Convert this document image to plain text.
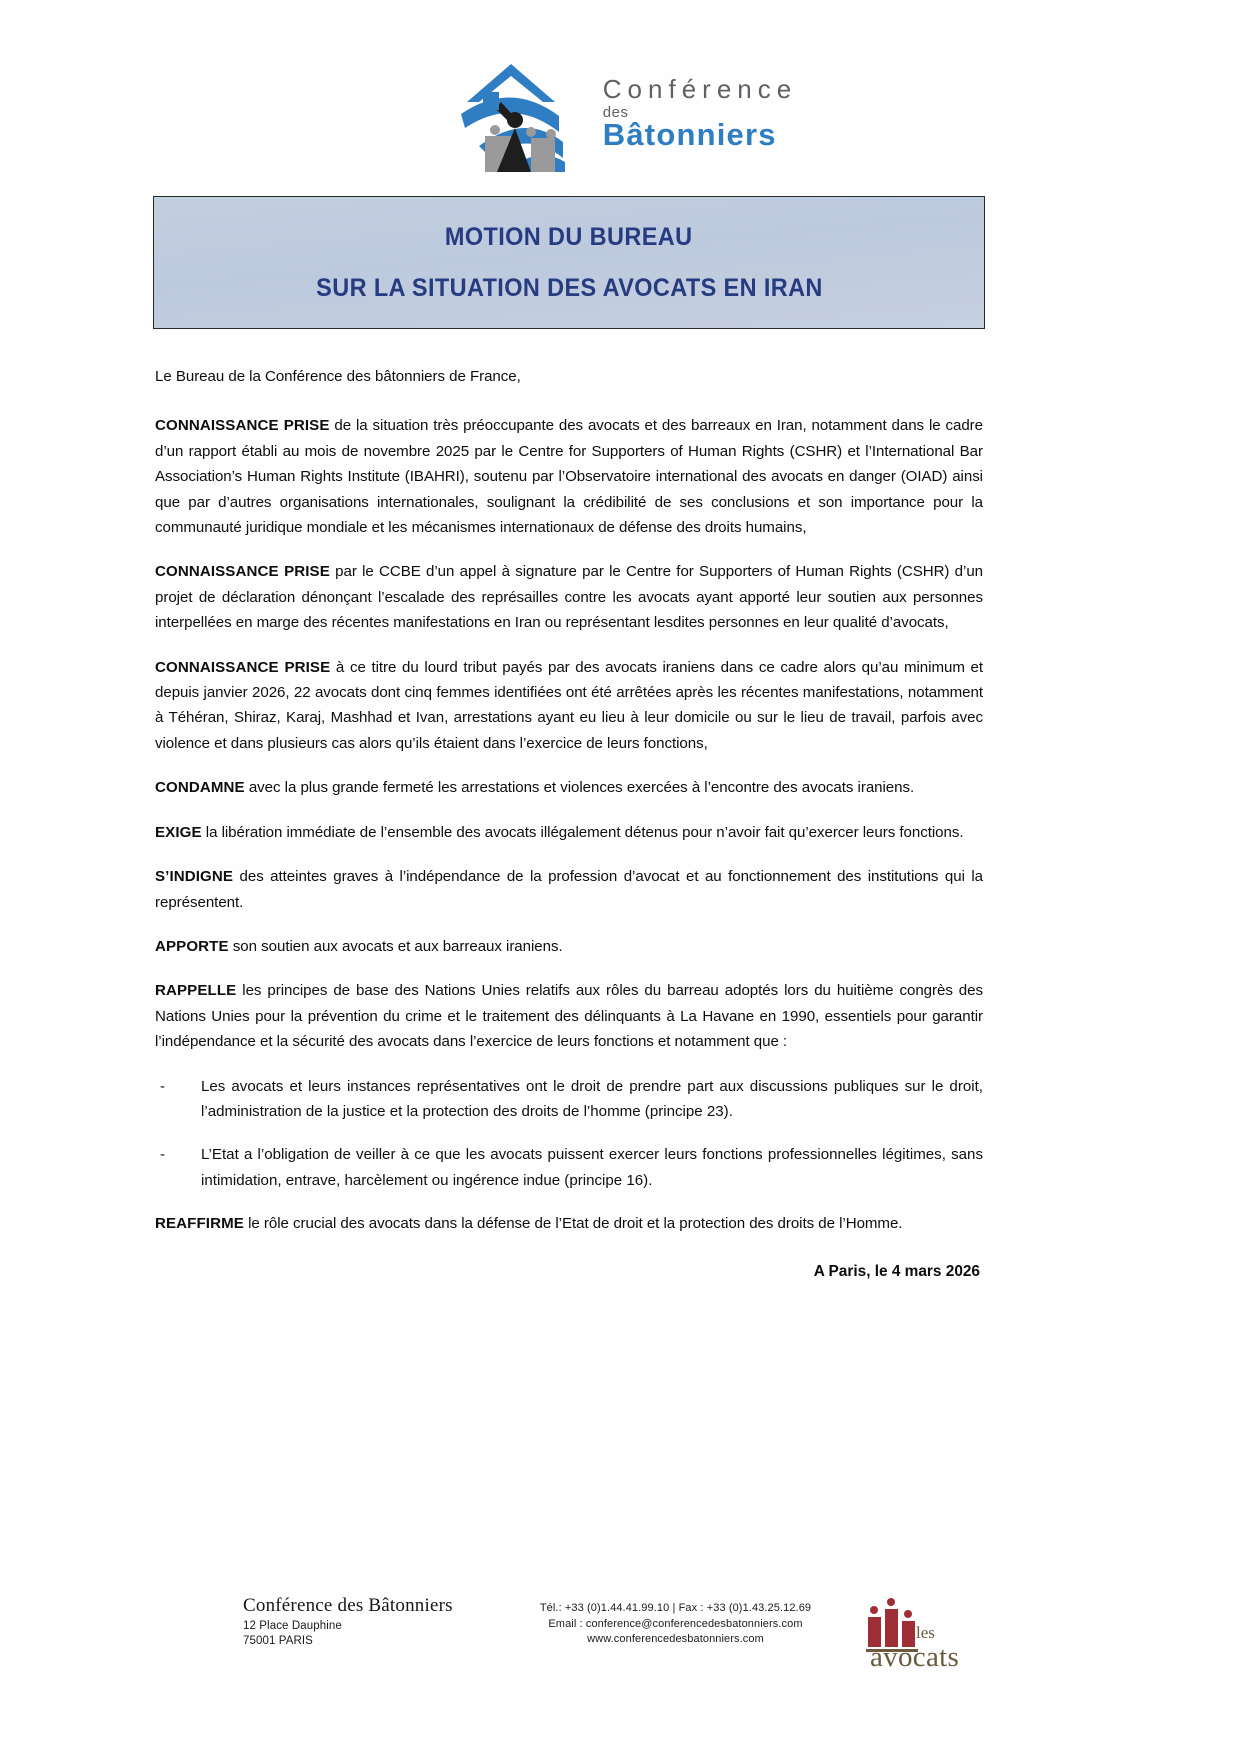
Conférence
des
Bâtonniers
MOTION DU BUREAU
SUR LA SITUATION DES AVOCATS EN IRAN

Le Bureau de la Conférence des bâtonniers de France,

CONNAISSANCE PRISE de la situation très préoccupante des avocats et des barreaux en Iran, notamment dans le cadre d’un rapport établi au mois de novembre 2025 par le Centre for Supporters of Human Rights (CSHR) et l’International Bar Association’s Human Rights Institute (IBAHRI), soutenu par l’Observatoire international des avocats en danger (OIAD) ainsi que par d’autres organisations internationales, soulignant la crédibilité de ses conclusions et son importance pour la communauté juridique mondiale et les mécanismes internationaux de défense des droits humains,

CONNAISSANCE PRISE par le CCBE d’un appel à signature par le Centre for Supporters of Human Rights (CSHR) d’un projet de déclaration dénonçant l’escalade des représailles contre les avocats ayant apporté leur soutien aux personnes interpellées en marge des récentes manifestations en Iran ou représentant lesdites personnes en leur qualité d’avocats,

CONNAISSANCE PRISE à ce titre du lourd tribut payés par des avocats iraniens dans ce cadre alors qu’au minimum et depuis janvier 2026, 22 avocats dont cinq femmes identifiées ont été arrêtées après les récentes manifestations, notamment à Téhéran, Shiraz, Karaj, Mashhad et Ivan, arrestations ayant eu lieu à leur domicile ou sur le lieu de travail, parfois avec violence et dans plusieurs cas alors qu’ils étaient dans l’exercice de leurs fonctions,

CONDAMNE avec la plus grande fermeté les arrestations et violences exercées à l’encontre des avocats iraniens.

EXIGE la libération immédiate de l’ensemble des avocats illégalement détenus pour n’avoir fait qu’exercer leurs fonctions.

S’INDIGNE des atteintes graves à l’indépendance de la profession d’avocat et au fonctionnement des institutions qui la représentent.

APPORTE son soutien aux avocats et aux barreaux iraniens.

RAPPELLE les principes de base des Nations Unies relatifs aux rôles du barreau adoptés lors du huitième congrès des Nations Unies pour la prévention du crime et le traitement des délinquants à La Havane en 1990, essentiels pour garantir l’indépendance et la sécurité des avocats dans l’exercice de leurs fonctions et notamment que :

-	Les avocats et leurs instances représentatives ont le droit de prendre part aux discussions publiques sur le droit, l’administration de la justice et la protection des droits de l’homme (principe 23).
-	L’Etat a l’obligation de veiller à ce que les avocats puissent exercer leurs fonctions professionnelles légitimes, sans intimidation, entrave, harcèlement ou ingérence indue (principe 16).

REAFFIRME le rôle crucial des avocats dans la défense de l’Etat de droit et la protection des droits de l’Homme.

A Paris, le 4 mars 2026
Conférence des Bâtonniers
12 Place Dauphine
75001 PARIS
Tél.: +33 (0)1.44.41.99.10 | Fax : +33 (0)1.43.25.12.69
Email : conference@conferencedesbatonniers.com
www.conferencedesbatonniers.com	les
avocats
